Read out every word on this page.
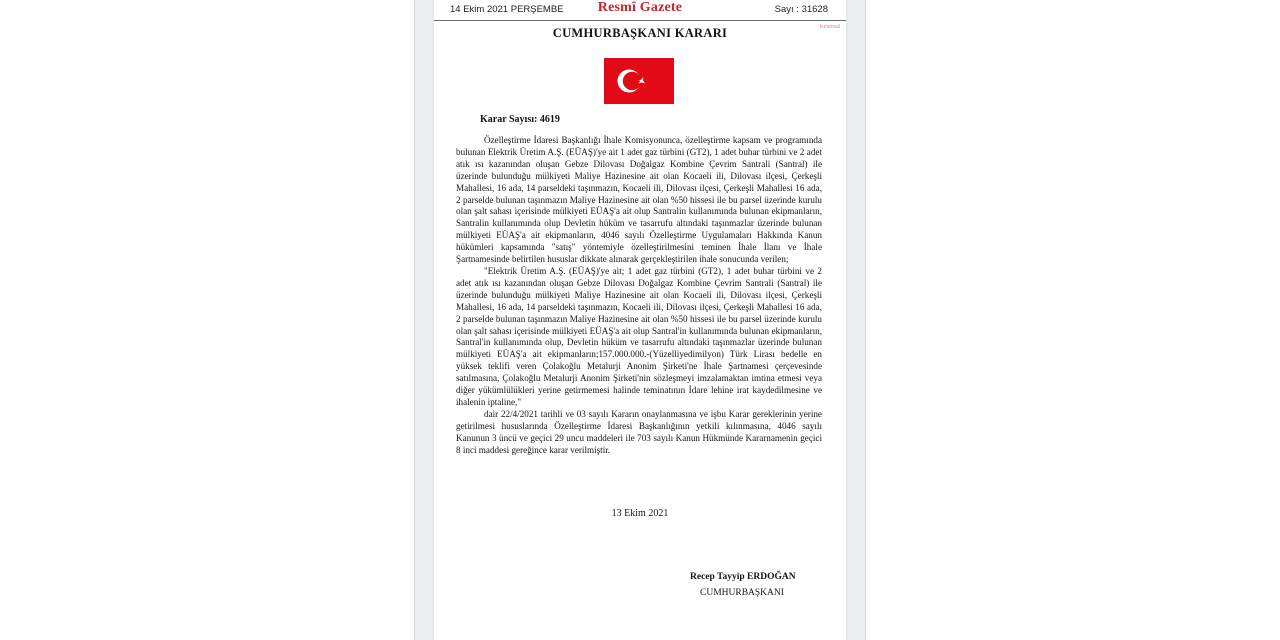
14 Ekim 2021 PERŞEMBE	Resmî Gazete	Sayı : 31628
kurumsal
CUMHURBAŞKANI KARARI
Karar Sayısı: 4619

Özelleştirme İdaresi Başkanlığı İhale Komisyonunca, özelleştirme kapsam ve programında bulunan Elektrik Üretim A.Ş. (EÜAŞ)'ye ait 1 adet gaz türbini (GT2), 1 adet buhar türbini ve 2 adet atık ısı kazanından oluşan Gebze Dilovası Doğalgaz Kombine Çevrim Santrali (Santral) ile üzerinde bulunduğu mülkiyeti Maliye Hazinesine ait olan Kocaeli ili, Dilovası ilçesi, Çerkeşli Mahallesi, 16 ada, 14 parseldeki taşınmazın, Kocaeli ili, Dilovası ilçesi, Çerkeşli Mahallesi 16 ada, 2 parselde bulunan taşınmazın Maliye Hazinesine ait olan %50 hissesi ile bu parsel üzerinde kurulu olan şalt sahası içerisinde mülkiyeti EÜAŞ'a ait olup Santralin kullanımında bulunan ekipmanların, Santralin kullanımında olup Devletin hüküm ve tasarrufu altındaki taşınmazlar üzerinde bulunan mülkiyeti EÜAŞ'a ait ekipmanların, 4046 sayılı Özelleştirme Uygulamaları Hakkında Kanun hükümleri kapsamında "satış" yöntemiyle özelleştirilmesini teminen İhale İlanı ve İhale Şartnamesinde belirtilen hususlar dikkate alınarak gerçekleştirilen ihale sonucunda verilen;

"Elektrik Üretim A.Ş. (EÜAŞ)'ye ait; 1 adet gaz türbini (GT2), 1 adet buhar türbini ve 2 adet atık ısı kazanından oluşan Gebze Dilovası Doğalgaz Kombine Çevrim Santrali (Santral) ile üzerinde bulunduğu mülkiyeti Maliye Hazinesine ait olan Kocaeli ili, Dilovası ilçesi, Çerkeşli Mahallesi, 16 ada, 14 parseldeki taşınmazın, Kocaeli ili, Dilovası ilçesi, Çerkeşli Mahallesi 16 ada, 2 parselde bulunan taşınmazın Maliye Hazinesine ait olan %50 hissesi ile bu parsel üzerinde kurulu olan şalt sahası içerisinde mülkiyeti EÜAŞ'a ait olup Santral'in kullanımında bulunan ekipmanların, Santral'in kullanımında olup, Devletin hüküm ve tasarrufu altındaki taşınmazlar üzerinde bulunan mülkiyeti EÜAŞ'a ait ekipmanların;157.000.000.-(Yüzelliyedimilyon) Türk Lirası bedelle en yüksek teklifi veren Çolakoğlu Metalurji Anonim Şirketi'ne İhale Şartnamesi çerçevesinde satılmasına, Çolakoğlu Metalurji Anonim Şirketi'nin sözleşmeyi imzalamaktan imtina etmesi veya diğer yükümlülükleri yerine getirmemesi halinde teminatının İdare lehine irat kaydedilmesine ve ihalenin iptaline,"

dair 22/4/2021 tarihli ve 03 sayılı Kararın onaylanmasına ve işbu Karar gereklerinin yerine getirilmesi hususlarında Özelleştirme İdaresi Başkanlığının yetkili kılınmasına, 4046 sayılı Kanunun 3 üncü ve geçici 29 uncu maddeleri ile 703 sayılı Kanun Hükmünde Kararnamenin geçici 8 inci maddesi gereğince karar verilmiştir.

13 Ekim 2021
Recep Tayyip ERDOĞAN
CUMHURBAŞKANI
